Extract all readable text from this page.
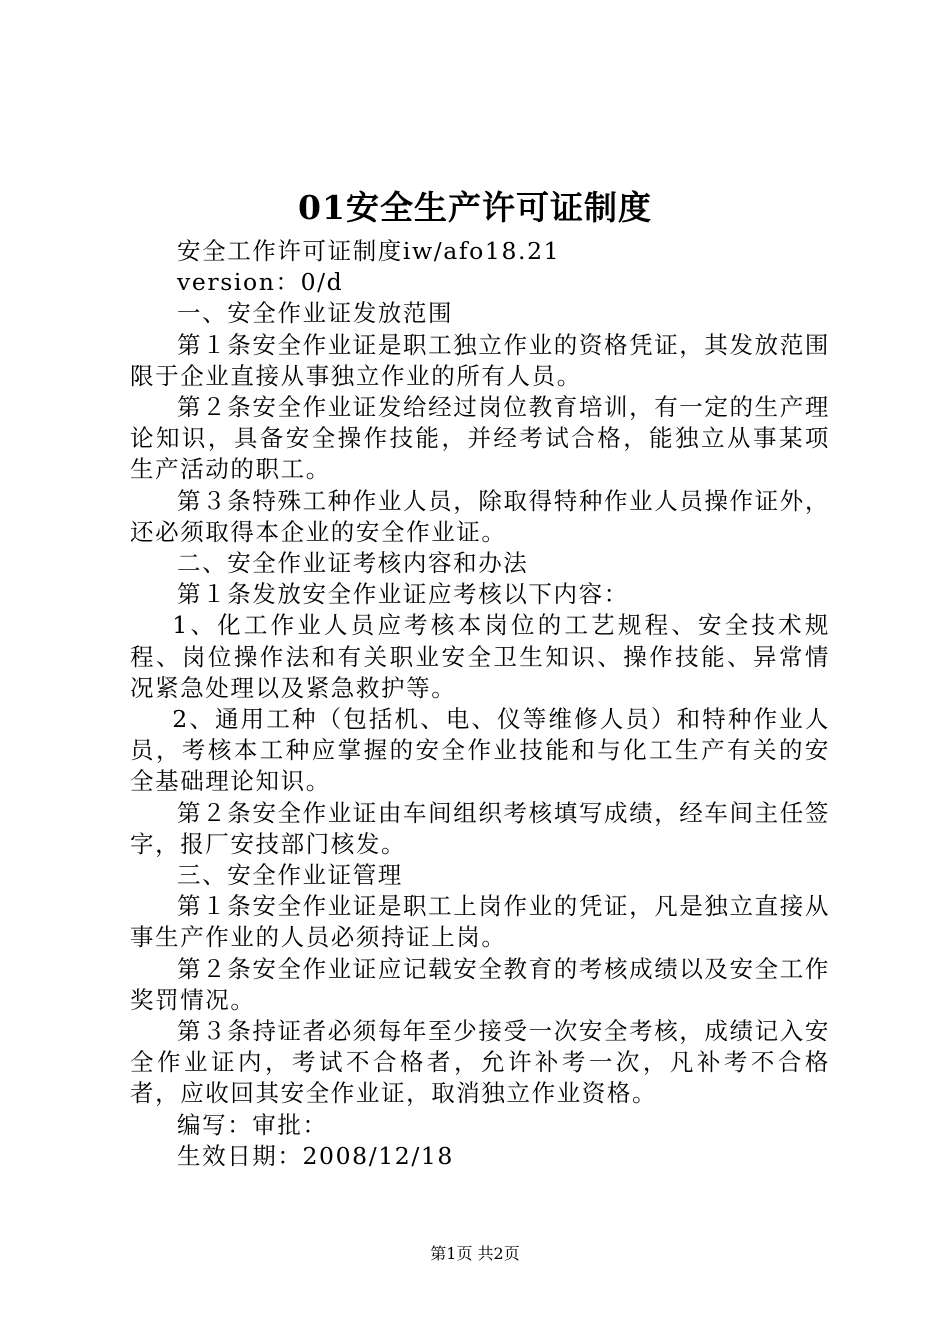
01安全生产许可证制度

安全工作许可证制度iw/afo18.21

version：0/d

一、安全作业证发放范围

第１条安全作业证是职工独立作业的资格凭证，其发放范围限于企业直接从事独立作业的所有人员。

第２条安全作业证发给经过岗位教育培训，有一定的生产理论知识，具备安全操作技能，并经考试合格，能独立从事某项生产活动的职工。

第３条特殊工种作业人员，除取得特种作业人员操作证外，还必须取得本企业的安全作业证。

二、安全作业证考核内容和办法

第１条发放安全作业证应考核以下内容：

1、化工作业人员应考核本岗位的工艺规程、安全技术规程、岗位操作法和有关职业安全卫生知识、操作技能、异常情况紧急处理以及紧急救护等。

2、通用工种（包括机、电、仪等维修人员）和特种作业人员，考核本工种应掌握的安全作业技能和与化工生产有关的安全基础理论知识。

第２条安全作业证由车间组织考核填写成绩，经车间主任签字，报厂安技部门核发。

三、安全作业证管理

第１条安全作业证是职工上岗作业的凭证，凡是独立直接从事生产作业的人员必须持证上岗。

第２条安全作业证应记载安全教育的考核成绩以及安全工作奖罚情况。

第３条持证者必须每年至少接受一次安全考核，成绩记入安全作业证内，考试不合格者，允许补考一次，凡补考不合格者，应收回其安全作业证，取消独立作业资格。

编写：审批：

生效日期：2008/12/18

第1页 共2页
